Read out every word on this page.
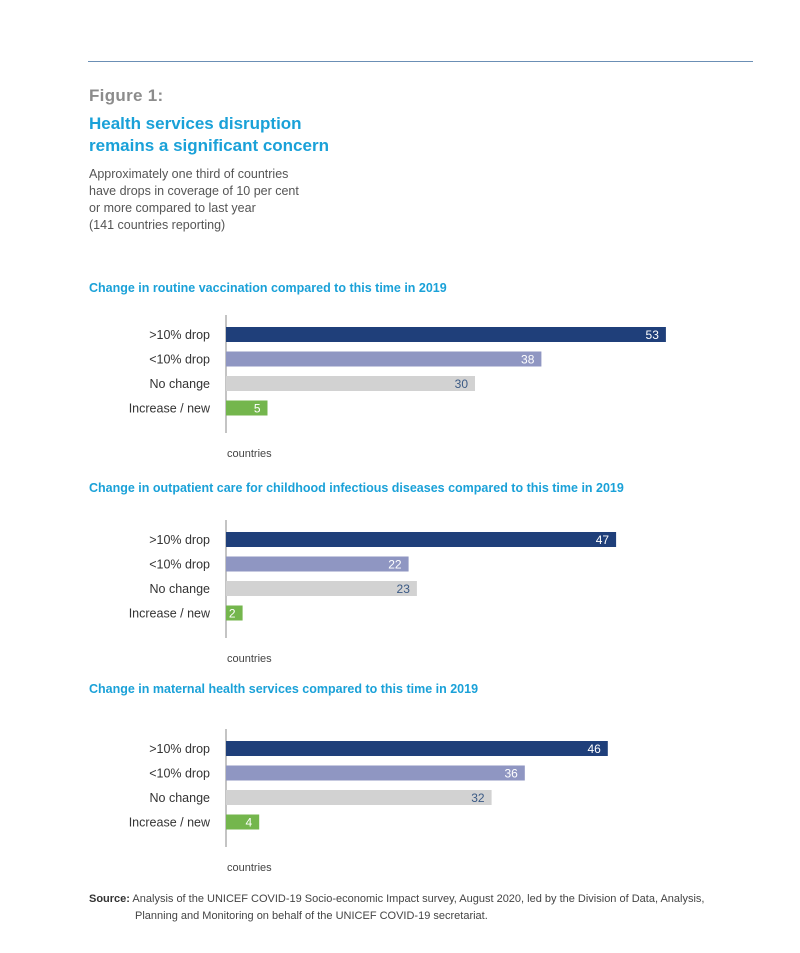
Figure 1:
Health services disruption
remains a significant concern
Approximately one third of countries
have drops in coverage of 10 per cent
or more compared to last year
(141 countries reporting)
Change in routine vaccination compared to this time in 2019
>10% drop	53
<10% drop	38
No change	30
Increase / new	5
countries
Change in outpatient care for childhood infectious diseases compared to this time in 2019
>10% drop	47
<10% drop	22
No change	23
Increase / new 2
countries
Change in maternal health services compared to this time in 2019
>10% drop	46
<10% drop	36
No change	32
Increase / new	4
countries
Source: Analysis of the UNICEF COVID-19 Socio-economic Impact survey, August 2020, led by the Division of Data, Analysis,
Planning and Monitoring on behalf of the UNICEF COVID-19 secretariat.
